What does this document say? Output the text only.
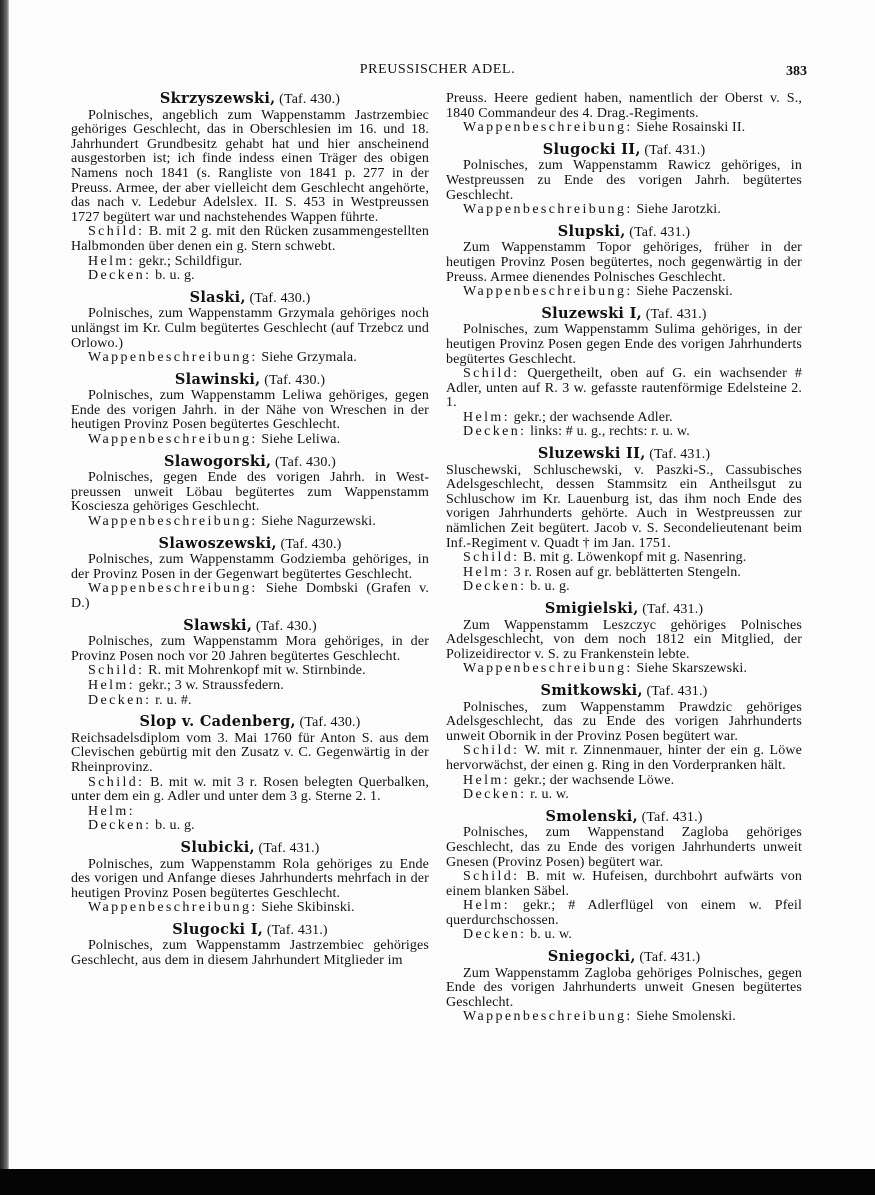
PREUSSISCHER ADEL.	383
Skrzyszewski, (Taf. 430.)

Polnisches, angeblich zum Wappenstamm Jastrzembiec gehöriges Geschlecht, das in Oberschlesien im 16. und 18. Jahrhundert Grundbesitz gehabt hat und hier anscheinend ausgestorben ist; ich finde indess einen Träger des obigen Namens noch 1841 (s. Rangliste von 1841 p. 277 in der Preuss. Armee, der aber vielleicht dem Geschlecht angehörte, das nach v. Ledebur Adelslex. II. S. 453 in Westpreussen 1727 begütert war und nachstehendes Wappen führte.

Schild: B. mit 2 g. mit den Rücken zusammengestellten Halbmonden über denen ein g. Stern schwebt.

Helm: gekr.; Schildfigur.

Decken: b. u. g.

Slaski, (Taf. 430.)

Polnisches, zum Wappenstamm Grzymala gehöriges noch unlängst im Kr. Culm begütertes Geschlecht (auf Trzebcz und Orlowo.)

Wappenbeschreibung: Siehe Grzymala.

Slawinski, (Taf. 430.)

Polnisches, zum Wappenstamm Leliwa gehöriges, gegen Ende des vorigen Jahrh. in der Nähe von Wreschen in der heutigen Provinz Posen begütertes Geschlecht.

Wappenbeschreibung: Siehe Leliwa.

Slawogorski, (Taf. 430.)

Polnisches, gegen Ende des vorigen Jahrh. in Westpreussen unweit Löbau begütertes zum Wappenstamm Kosciesza gehöriges Geschlecht.

Wappenbeschreibung: Siehe Nagurzewski.

Slawoszewski, (Taf. 430.)

Polnisches, zum Wappenstamm Godziemba gehöriges, in der Provinz Posen in der Gegenwart begütertes Geschlecht.

Wappenbeschreibung: Siehe Dombski (Grafen v. D.)

Slawski, (Taf. 430.)

Polnisches, zum Wappenstamm Mora gehöriges, in der Provinz Posen noch vor 20 Jahren begütertes Geschlecht.

Schild: R. mit Mohrenkopf mit w. Stirnbinde.

Helm: gekr.; 3 w. Straussfedern.

Decken: r. u. #.

Slop v. Cadenberg, (Taf. 430.)

Reichsadelsdiplom vom 3. Mai 1760 für Anton S. aus dem Clevischen gebürtig mit den Zusatz v. C. Gegenwärtig in der Rheinprovinz.

Schild: B. mit w. mit 3 r. Rosen belegten Querbalken, unter dem ein g. Adler und unter dem 3 g. Sterne 2. 1.

Helm:

Decken: b. u. g.

Slubicki, (Taf. 431.)

Polnisches, zum Wappenstamm Rola gehöriges zu Ende des vorigen und Anfange dieses Jahrhunderts mehrfach in der heutigen Provinz Posen begütertes Geschlecht.

Wappenbeschreibung: Siehe Skibinski.

Slugocki I, (Taf. 431.)

Polnisches, zum Wappenstamm Jastrzembiec gehöriges Geschlecht, aus dem in diesem Jahrhundert Mitglieder im

Preuss. Heere gedient haben, namentlich der Oberst v. S., 1840 Commandeur des 4. Drag.-Regiments.

Wappenbeschreibung: Siehe Rosainski II.

Slugocki II, (Taf. 431.)

Polnisches, zum Wappenstamm Rawicz gehöriges, in Westpreussen zu Ende des vorigen Jahrh. begütertes Geschlecht.

Wappenbeschreibung: Siehe Jarotzki.

Slupski, (Taf. 431.)

Zum Wappenstamm Topor gehöriges, früher in der heutigen Provinz Posen begütertes, noch gegenwärtig in der Preuss. Armee dienendes Polnisches Geschlecht.

Wappenbeschreibung: Siehe Paczenski.

Sluzewski I, (Taf. 431.)

Polnisches, zum Wappenstamm Sulima gehöriges, in der heutigen Provinz Posen gegen Ende des vorigen Jahrhunderts begütertes Geschlecht.

Schild: Quergetheilt, oben auf G. ein wachsender # Adler, unten auf R. 3 w. gefasste rautenförmige Edelsteine 2. 1.

Helm: gekr.; der wachsende Adler.

Decken: links: # u. g., rechts: r. u. w.

Sluzewski II, (Taf. 431.)

Sluschewski, Schluschewski, v. Paszki-S., Cassubisches Adelsgeschlecht, dessen Stammsitz ein Antheilsgut zu Schluschow im Kr. Lauenburg ist, das ihm noch Ende des vorigen Jahrhunderts gehörte. Auch in Westpreussen zur nämlichen Zeit begütert. Jacob v. S. Secondelieutenant beim Inf.-Regiment v. Quadt † im Jan. 1751.

Schild: B. mit g. Löwenkopf mit g. Nasenring.

Helm: 3 r. Rosen auf gr. beblätterten Stengeln.

Decken: b. u. g.

Smigielski, (Taf. 431.)

Zum Wappenstamm Leszczyc gehöriges Polnisches Adelsgeschlecht, von dem noch 1812 ein Mitglied, der Polizeidirector v. S. zu Frankenstein lebte.

Wappenbeschreibung: Siehe Skarszewski.

Smitkowski, (Taf. 431.)

Polnisches, zum Wappenstamm Prawdzic gehöriges Adelsgeschlecht, das zu Ende des vorigen Jahrhunderts unweit Obornik in der Provinz Posen begütert war.

Schild: W. mit r. Zinnenmauer, hinter der ein g. Löwe hervorwächst, der einen g. Ring in den Vorderpranken hält.

Helm: gekr.; der wachsende Löwe.

Decken: r. u. w.

Smolenski, (Taf. 431.)

Polnisches, zum Wappenstand Zagloba gehöriges Geschlecht, das zu Ende des vorigen Jahrhunderts unweit Gnesen (Provinz Posen) begütert war.

Schild: B. mit w. Hufeisen, durchbohrt aufwärts von einem blanken Säbel.

Helm: gekr.; # Adlerflügel von einem w. Pfeil querdurchschossen.

Decken: b. u. w.

Sniegocki, (Taf. 431.)

Zum Wappenstamm Zagloba gehöriges Polnisches, gegen Ende des vorigen Jahrhunderts unweit Gnesen begütertes Geschlecht.

Wappenbeschreibung: Siehe Smolenski.
